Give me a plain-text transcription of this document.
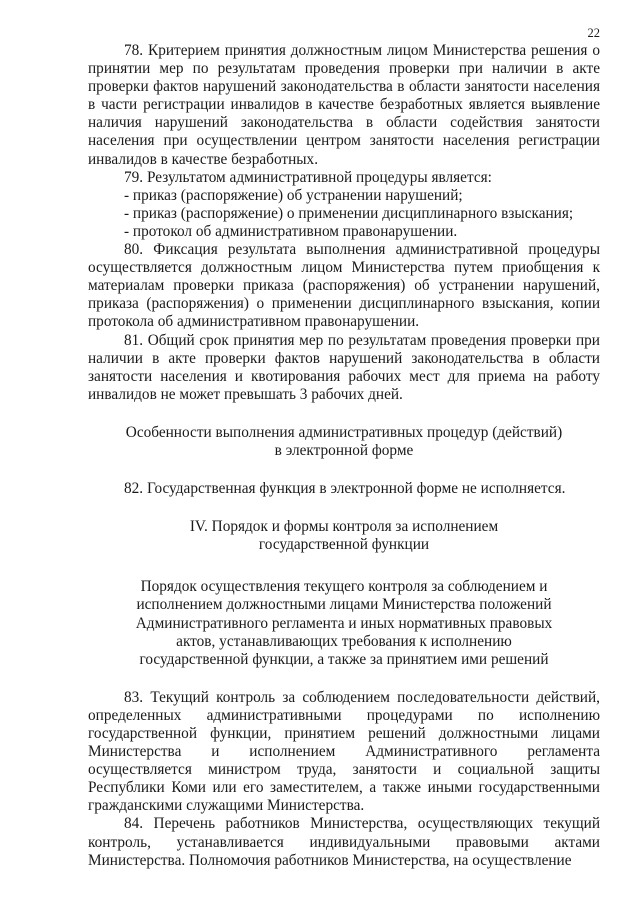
22

78. Критерием принятия должностным лицом Министерства решения о принятии мер по результатам проведения проверки при наличии в акте проверки фактов нарушений законодательства в области занятости населения в части регистрации инвалидов в качестве безработных является выявление наличия нарушений законодательства в области содействия занятости населения при осуществлении центром занятости населения регистрации инвалидов в качестве безработных.

79. Результатом административной процедуры является:

- приказ (распоряжение) об устранении нарушений;

- приказ (распоряжение) о применении дисциплинарного взыскания;

- протокол об административном правонарушении.

80. Фиксация результата выполнения административной процедуры осуществляется должностным лицом Министерства путем приобщения к материалам проверки приказа (распоряжения) об устранении нарушений, приказа (распоряжения) о применении дисциплинарного взыскания, копии протокола об административном правонарушении.

81. Общий срок принятия мер по результатам проведения проверки при наличии в акте проверки фактов нарушений законодательства в области занятости населения и квотирования рабочих мест для приема на работу инвалидов не может превышать 3 рабочих дней.

Особенности выполнения административных процедур (действий) в электронной форме

82. Государственная функция в электронной форме не исполняется.

IV. Порядок и формы контроля за исполнением государственной функции

Порядок осуществления текущего контроля за соблюдением и исполнением должностными лицами Министерства положений Административного регламента и иных нормативных правовых актов, устанавливающих требования к исполнению государственной функции, а также за принятием ими решений

83. Текущий контроль за соблюдением последовательности действий, определенных административными процедурами по исполнению государственной функции, принятием решений должностными лицами Министерства и исполнением Административного регламента осуществляется министром труда, занятости и социальной защиты Республики Коми или его заместителем, а также иными государственными гражданскими служащими Министерства.

84. Перечень работников Министерства, осуществляющих текущий контроль, устанавливается индивидуальными правовыми актами Министерства. Полномочия работников Министерства, на осуществление
